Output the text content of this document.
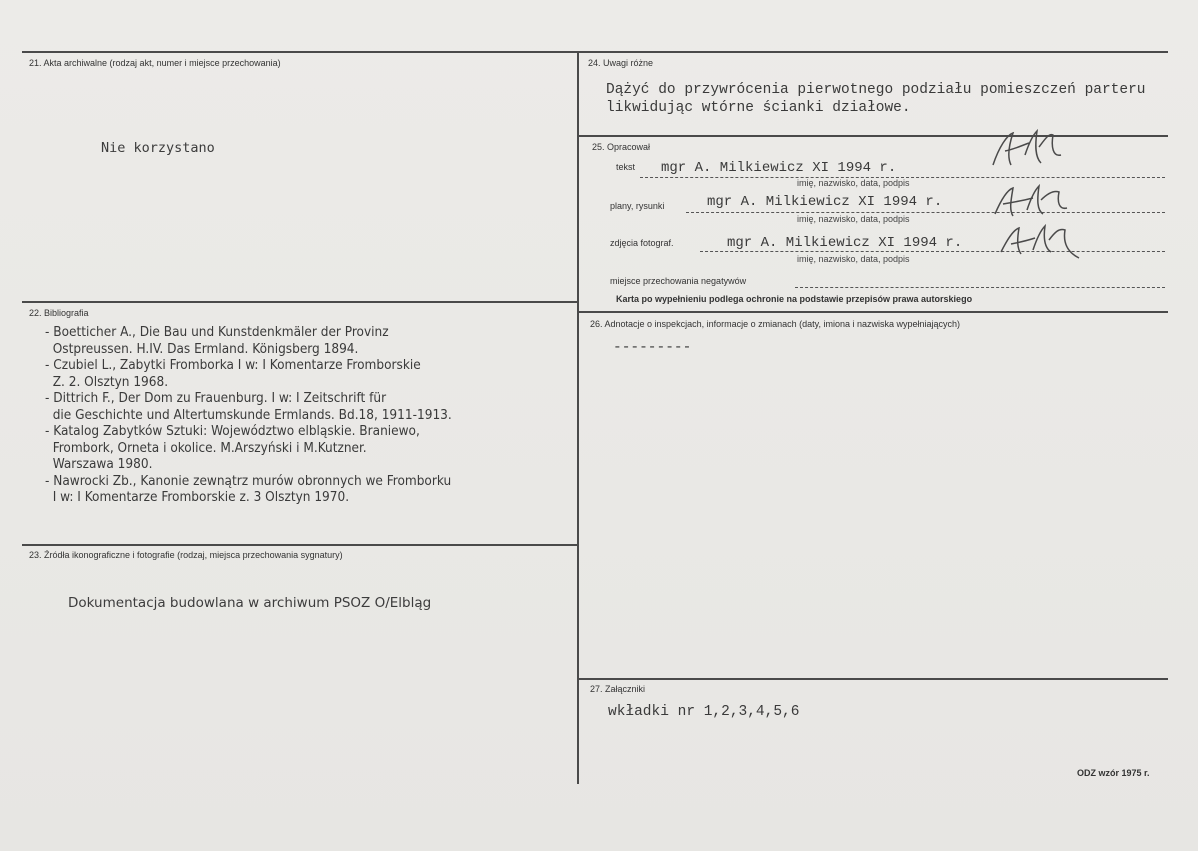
21. Akta archiwalne (rodzaj akt, numer i miejsce przechowania)
Nie korzystano
22. Bibliografia
- Boetticher A., Die Bau und Kunstdenkmäler der Provinz
Ostpreussen. H.IV. Das Ermland. Königsberg 1894.
- Czubiel L., Zabytki Fromborka I w: I Komentarze Fromborskie
Z. 2. Olsztyn 1968.
- Dittrich F., Der Dom zu Frauenburg. I w: I Zeitschrift für
die Geschichte und Altertumskunde Ermlands. Bd.18, 1911-1913.
- Katalog Zabytków Sztuki: Województwo elbląskie. Braniewo,
Frombork, Orneta i okolice. M.Arszyński i M.Kutzner.
Warszawa 1980.
- Nawrocki Zb., Kanonie zewnątrz murów obronnych we Fromborku
I w: I Komentarze Fromborskie z. 3 Olsztyn 1970.
23. Źródła ikonograficzne i fotografie (rodzaj, miejsca przechowania sygnatury)
Dokumentacja budowlana w archiwum PSOZ O/Elbląg
24. Uwagi różne
Dążyć do przywrócenia pierwotnego podziału pomieszczeń parteru
likwidując wtórne ścianki działowe.
25. Opracował
tekst mgr A. Milkiewicz XI 1994 r.
imię, nazwisko, data, podpis
plany, rysunki	mgr A. Milkiewicz XI 1994 r.
imię, nazwisko, data, podpis
zdjęcia fotograf.	mgr A. Milkiewicz XI 1994 r.
imię, nazwisko, data, podpis
miejsce przechowania negatywów
Karta po wypełnieniu podlega ochronie na podstawie przepisów prawa autorskiego
26. Adnotacje o inspekcjach, informacje o zmianach (daty, imiona i nazwiska wypełniających)
---------
27. Załączniki
wkładki nr 1,2,3,4,5,6
ODZ wzór 1975 r.
